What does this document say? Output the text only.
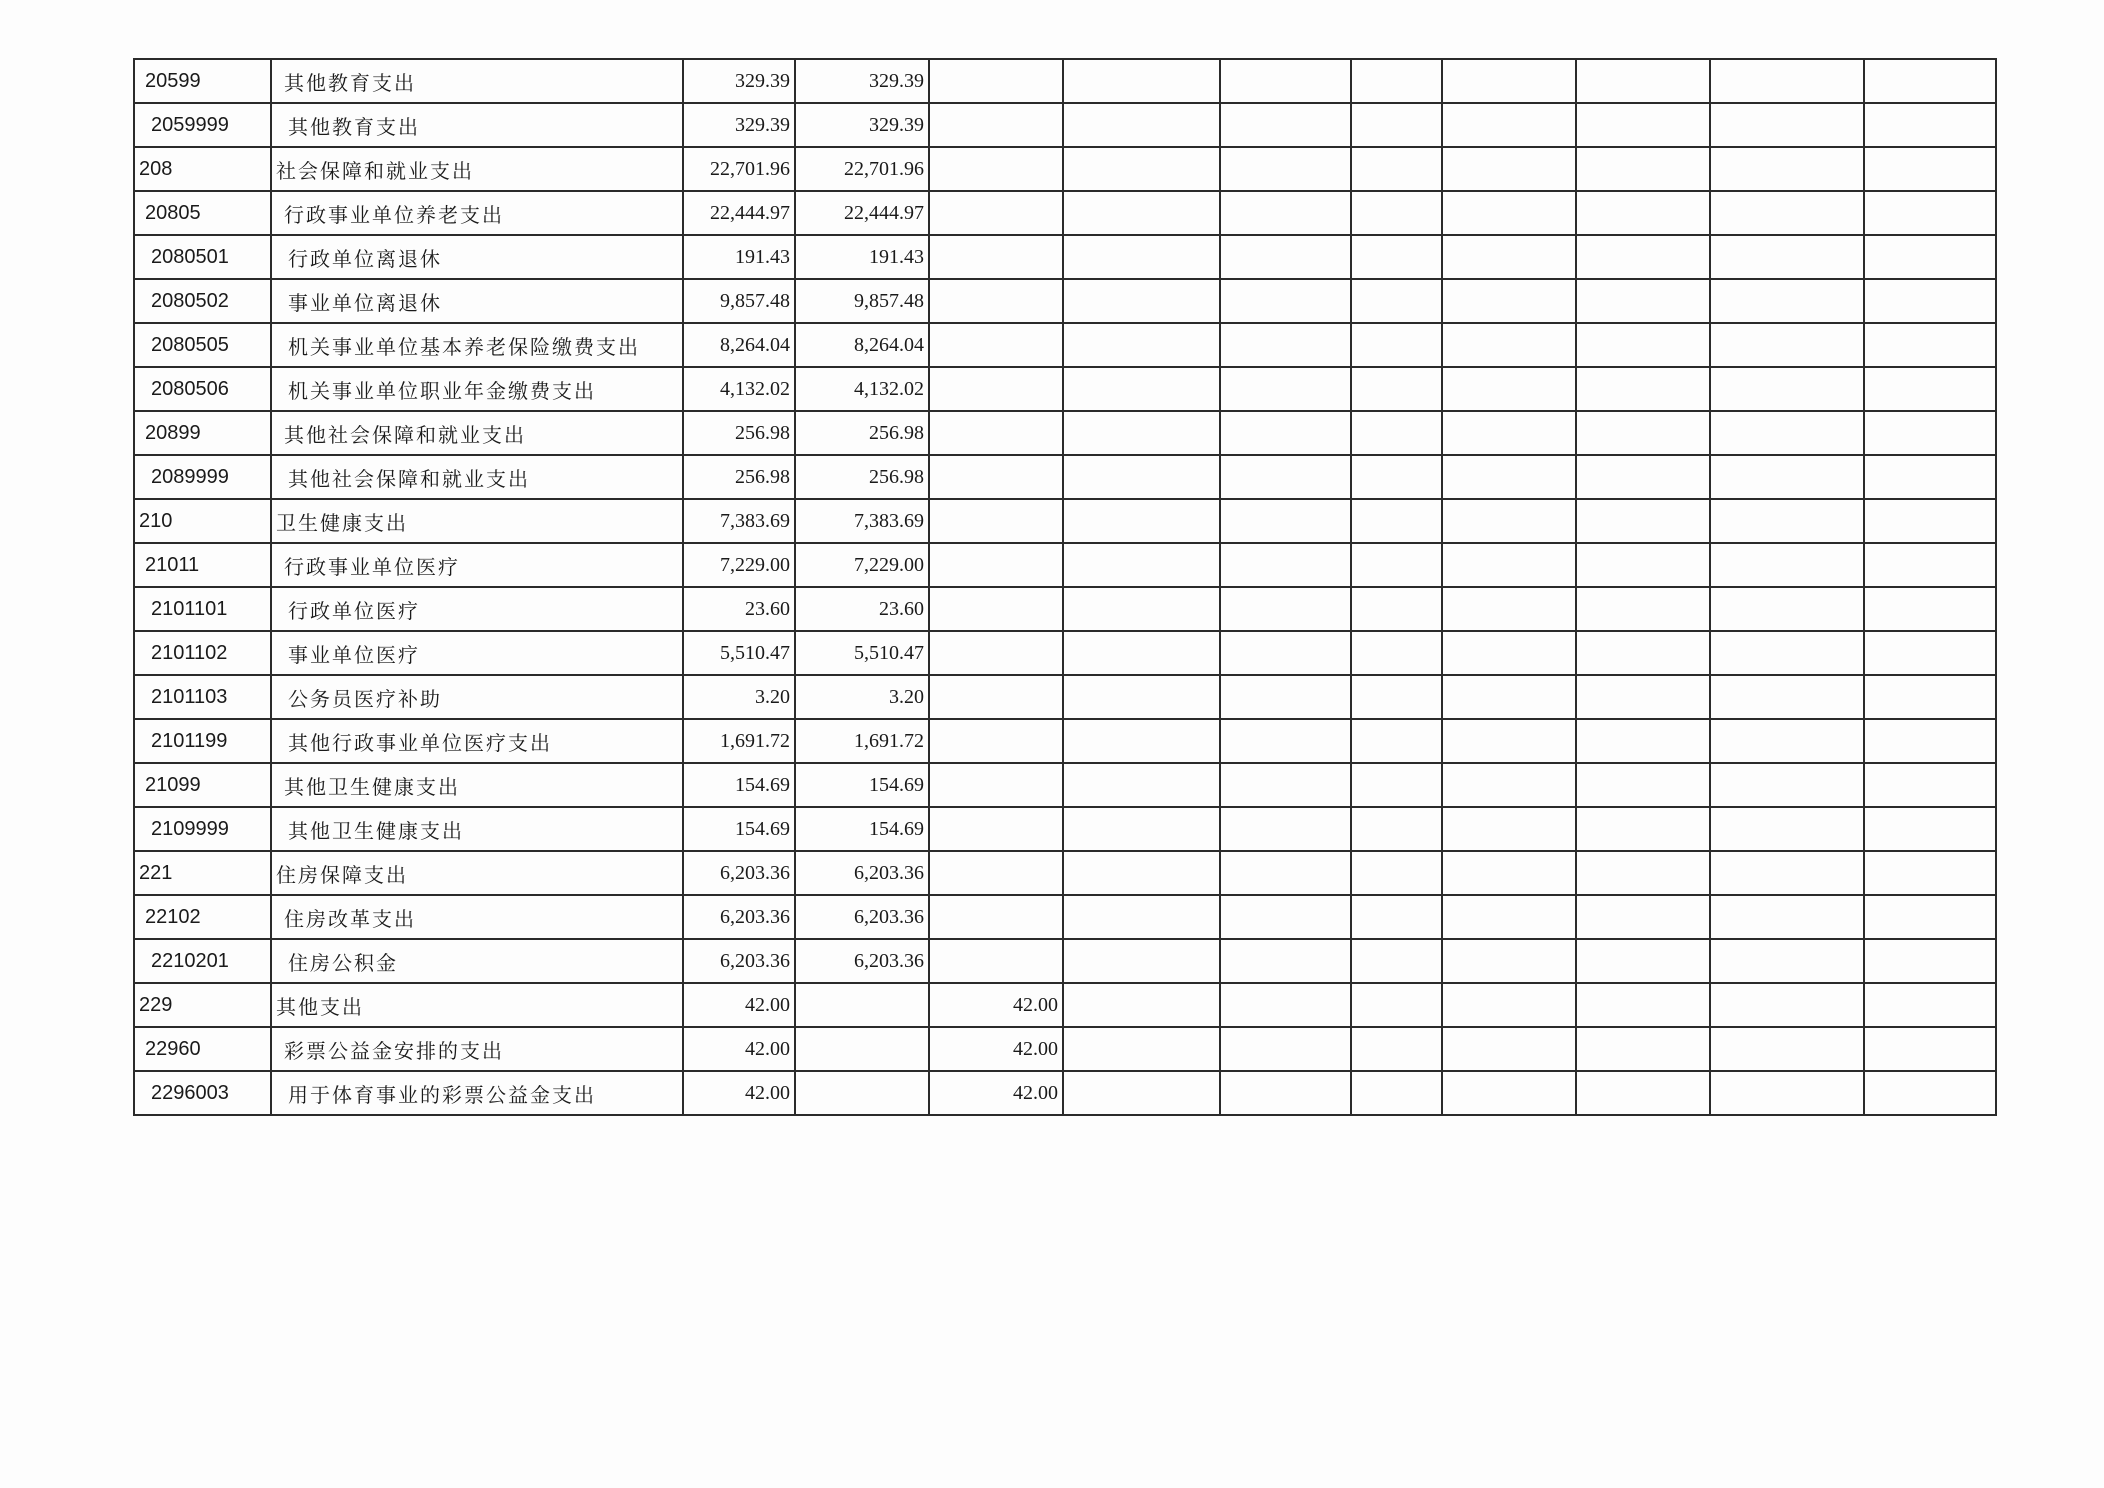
20599	其他教育支出	329.39	329.39								
2059999	其他教育支出	329.39	329.39								
208	社会保障和就业支出	22,701.96	22,701.96								
20805	行政事业单位养老支出	22,444.97	22,444.97								
2080501	行政单位离退休	191.43	191.43								
2080502	事业单位离退休	9,857.48	9,857.48								
2080505	机关事业单位基本养老保险缴费支出	8,264.04	8,264.04								
2080506	机关事业单位职业年金缴费支出	4,132.02	4,132.02								
20899	其他社会保障和就业支出	256.98	256.98								
2089999	其他社会保障和就业支出	256.98	256.98								
210	卫生健康支出	7,383.69	7,383.69								
21011	行政事业单位医疗	7,229.00	7,229.00								
2101101	行政单位医疗	23.60	23.60								
2101102	事业单位医疗	5,510.47	5,510.47								
2101103	公务员医疗补助	3.20	3.20								
2101199	其他行政事业单位医疗支出	1,691.72	1,691.72								
21099	其他卫生健康支出	154.69	154.69								
2109999	其他卫生健康支出	154.69	154.69								
221	住房保障支出	6,203.36	6,203.36								
22102	住房改革支出	6,203.36	6,203.36								
2210201	住房公积金	6,203.36	6,203.36								
229	其他支出	42.00		42.00							
22960	彩票公益金安排的支出	42.00		42.00							
2296003	用于体育事业的彩票公益金支出	42.00		42.00							
